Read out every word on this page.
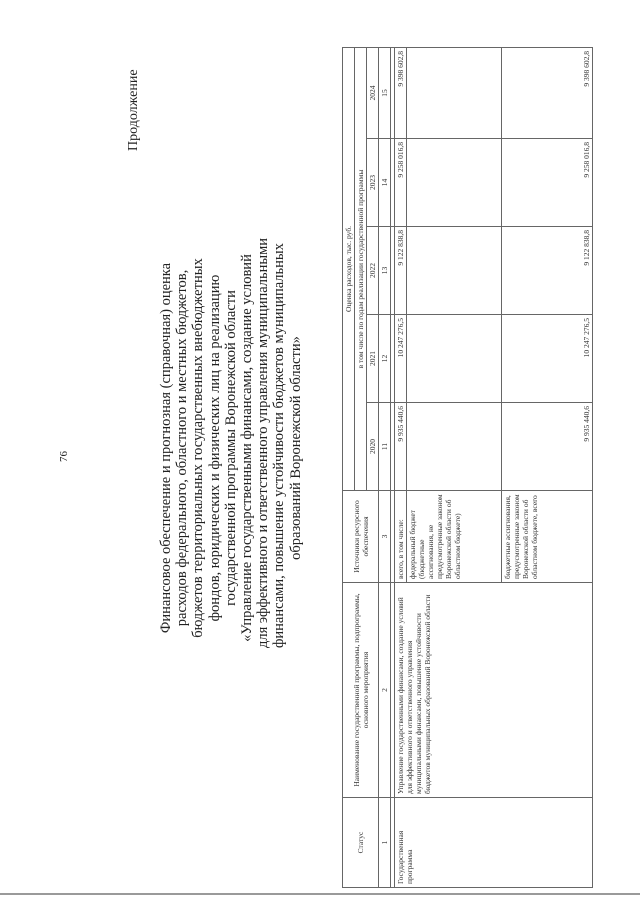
76
Продолжение
Финансовое обеспечение и прогнозная (справочная) оценка расходов федерального, областного и местных бюджетов, бюджетов территориальных государственных внебюджетных фондов, юридических и физических лиц на реализацию государственной программы Воронежской области «Управление государственными финансами, создание условий для эффективного и ответственного управления муниципальными финансами, повышение устойчивости бюджетов муниципальных образований Воронежской области»
Статус	Наименование государственной программы, подпрограммы, основного мероприятия	Источники ресурсного обеспечения	Оценка расходов, тыс. руб.				
			в том числе по годам реализации государственной программы				
			2020	2021	2022	2023	2024
1	2	3	11	12	13	14	15

Государственная программа	Управление государственными финансами, создание условий для эффективного и ответственного управления муниципальными финансами, повышение устойчивости бюджетов муниципальных образований Воронежской области	всего, в том числе:	9 935 440,6	10 247 276,5	9 122 838,8	9 258 016,8	9 398 602,8
		федеральный бюджет (бюджетные ассигнования, не предусмотренные законом Воронежской области об областном бюджете)					
		бюджетные ассигнования, предусмотренные законом Воронежской области об областном бюджете, всего	9 935 440,6	10 247 276,5	9 122 838,8	9 258 016,8	9 398 602,8
